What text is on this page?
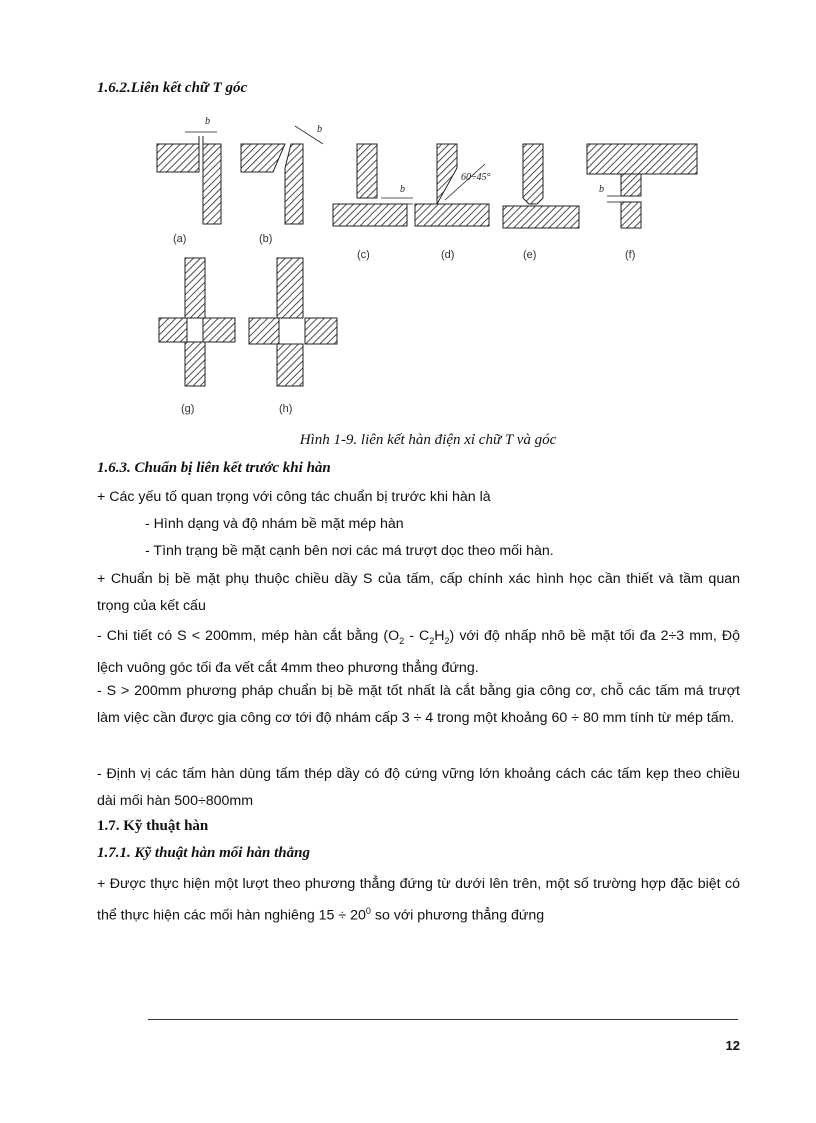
1.6.2.Liên kết chữ T góc
b
(a)
b
(b)
b
(c)
60÷45°
(d)	(e)
b
(f)
(g)	(h)
Hình 1-9. liên kết hàn điện xỉ chữ T và góc
1.6.3. Chuẩn bị liên kết trước khi hàn

+ Các yếu tố quan trọng với công tác chuẩn bị trước khi hàn là

- Hình dạng và độ nhám bề mặt mép hàn

- Tình trạng bề mặt cạnh bên nơi các má trượt dọc theo mối hàn.

+ Chuẩn bị bề mặt phụ thuộc chiều dầy S của tấm, cấp chính xác hình học cần thiết và tầm quan trọng của kết cấu

- Chi tiết có S < 200mm, mép hàn cắt bằng $(O_2 - C_2H_2)$ với độ nhấp nhô bề mặt tối đa 2÷3 mm, Độ lệch vuông góc tối đa vết cắt 4mm theo phương thẳng đứng.

- S > 200mm phương pháp chuẩn bị bề mặt tốt nhất là cắt bằng gia công cơ, chỗ các tấm má trượt làm việc cần được gia công cơ tới độ nhám cấp 3 ÷ 4 trong một khoảng 60 ÷ 80 mm tính từ mép tấm.

- Định vị các tấm hàn dùng tấm thép dầy có độ cứng vững lớn khoảng cách các tấm kẹp theo chiều dài mối hàn 500÷800mm

1.7. Kỹ thuật hàn
1.7.1. Kỹ thuật hàn mối hàn thẳng

+ Được thực hiện một lượt theo phương thẳng đứng từ dưới lên trên, một số trường hợp đặc biệt có thể thực hiện các mối hàn nghiêng $15 \div 20^0$ so với phương thẳng đứng

12
